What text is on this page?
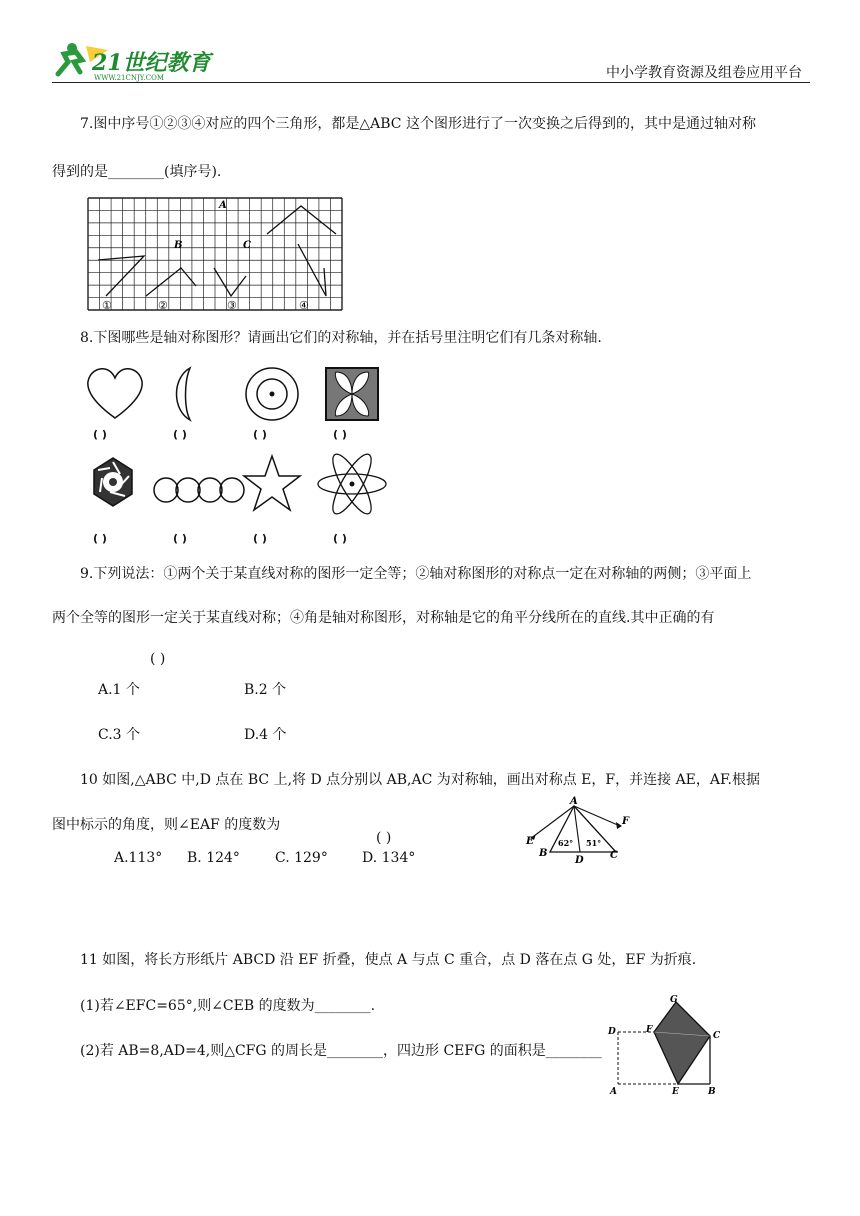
21世纪教育
WWW.21CNJY.COM	中小学教育资源及组卷应用平台
7.图中序号①②③④对应的四个三角形，都是△ABC 这个图形进行了一次变换之后得到的，其中是通过轴对称
得到的是________(填序号).
A
B	C
①	②	③	④
8.下图哪些是轴对称图形？请画出它们的对称轴，并在括号里注明它们有几条对称轴.
( )	( )	( )	( )
( )	( )	( )	( )
9.下列说法：①两个关于某直线对称的图形一定全等；②轴对称图形的对称点一定在对称轴的两侧；③平面上
两个全等的图形一定关于某直线对称；④角是轴对称图形，对称轴是它的角平分线所在的直线.其中正确的有
( )
A.1 个	B.2 个
C.3 个	D.4 个
10 如图,△ABC 中,D 点在 BC 上,将 D 点分别以 AB,AC 为对称轴，画出对称点 E，F，并连接 AE，AF.根据
图中标示的角度，则∠EAF 的度数为
( )
A.113° B. 124°	C. 129° D. 134°
A
B	C
D
E
F
62° 51°
11 如图，将长方形纸片 ABCD 沿 EF 折叠，使点 A 与点 C 重合，点 D 落在点 G 处，EF 为折痕.
(1)若∠EFC=65°,则∠CEB 的度数为________.
(2)若 AB=8,AD=4,则△CFG 的周长是________，四边形 CEFG 的面积是________
G
C
D	F
A	E	B
